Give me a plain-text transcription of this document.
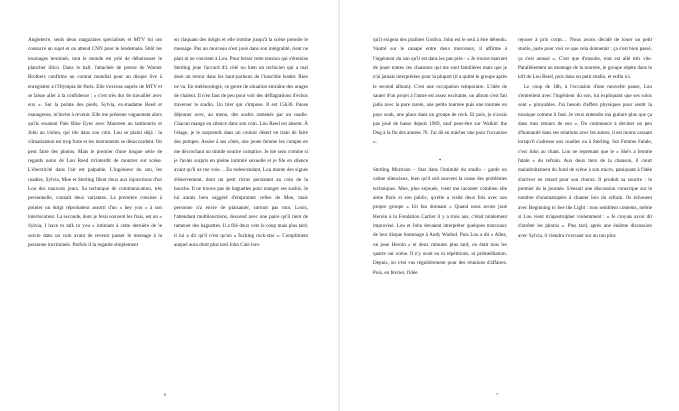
Angleterre, seuls deux magazines spécialisés et MTV lui ont consacré un sujet et on attend CNN pour le lendemain. Sitôt les tournages terminés, tout le monde est prié de débarrasser le plancher illico. Dans le hall, l'attachée de presse de Warner Brothers confirme un contrat mondial pour un disque live à enregistrer à l'Olympia de Paris. Elle s'excuse auprès de MTV et se laisse aller à la confidence : « c'est très dur de travailler avec eux ». Sur la pointe des pieds, Sylvia, ex-madame Reed et manageuse, m'invite à revenir. Elle me présente vaguement alors qu'ils essaient Pale Blue Eyes avec Maureen au tambourin et John au violon, qui tile dans son coin. Lou se plaint déjà : la climatisation est trop forte et les instruments se désaccordent. On peut faire des photos. Mais le premier d'une longue série de regards noirs de Lou Reed m'interdit de montrer sur scène. L'électricité dans l'air est palpable. L'ingénieur du son, les roadies, Sylvia, Moe et Sterling filent doux aux injonctions d'un Lou des mauvais jours. Sa technique de communication, très personnelle, connaît deux variantes. La première consiste à pointer un doigt réprobateur assorti d'un « hey you » à son interlocuteur. La seconde, dont je ferai souvent les frais, est un « Sylvia, I have to talk to you » intimant à cette dernière de le suivre dans un coin avant de revenir passer le message à la personne incriminée. Parfois il la regarde simplement

en claquant des doigts et elle trottine jusqu'à la scène prendre le message. Pas un morceau n'est joué dans son intégralité, rient ne plait ni ne convient à Lou. Pour briser cette tension qui s'éternise Sterling joue l'accord d'à côté ou bien un techicien qui a mal dosé un retour dans les haut-parleurs de l'irascible leader. Rien ne va. En météorologie, ce genre de situation entraîne des orages de chaleur. Il n'en faut de peu pour voir des déflagrations d'échos traverser le studio. Un tirer qui s'impose. Il est 15h30. Pause déjeuner avec, au menu, des sushis ramenés par un roadie. Chacun mange en silence dans son coin. Lou Reed est absent. À l'étage, je le surprends dans un couloir désert en train de faire des pompes. Assise à ses côtés, une jeune femme les compte en me décrochant un timide sourire complice. Je me sens comme si je l'avais surpris en pleine intimité sexuelle et je file en silence avant qu'il ne me voie… En redescendant, Lou monte des signes d'énervement, dont un petit rictus persistant au coin de la bouche. Il ne trouve pas de baguettes pour manger ses sushis. Je lui aurais bien suggéré d'emprunter celles de Moe, mais personne n'a envie de plaisanter, surtout pas moi. Louis, l'attendant multilonctions, descend avec une paire qu'il tient de ramener des baguettes. Il a filé deux vers le coup mais plus tard, il lui a dit qu'il n'est qu'un « fucking rock-star ». Compliment auquel aura droit plus tard John Cale lors-

6

qu'il exigera des pralines Godiva. John est le seul à être détendu. Vautré sur le canapé entre deux morceaux, il affirme à l'ingénieur du son qu'il est dans les pas près : « Je trouve marrant de jouer toutes ces chansons qui me sont familières mais que je n'ai jamais interprétées pour la plupart (il a quitté le groupe après le second album). C'est une occupation temporaire. L'idée de sauter d'un projet à l'autre est assez excitante, un album s'est fait jadis avec la pure rareté, une petite tournée puis une tournée en pays souk, une place dans un groupe de rock. Et puis, je n'avais pas joué de basse depuis 1969, sauf peut-être sur Walkin' the Dog à la fin des années 70. J'ai dû en mâcher une pour l'occasion ».

*

Sterling Morrison – Star dans l'intimité du studio – garde un calme silencieux, bien qu'il soit souvent la cause des problèmes techniques. Moe, plus enjouée, vient me raconter combien elle aime Paris et son public, qu'elle a visité deux fois avec son propre groupe « Un fan donnant « Quand nous avons joué Heroin à la Fondation Cartier il y a trois ans, c'était totalement improvisé. Lou et John devaient interpréter quelques morceaux de leur disque hommage à Andy Warhol. Puis Lou a dit « Allez, on joue Heroin » et deux minutes plus tard, on était tous les quatre sur scène. Il n'y avait eu ni répétitions, ni préméditation. Depuis, on s'est vus régulièrement pour des réunions d'affaires. Puis, en février, l'idée

rejouer à prix corps… Nous avons décidé de louer un petit studio, juste pour voir ce que cela donnerait : ça s'est bien passé, ça s'est amusé ». C'est que d'ensuite, tout est allé très vite. Parallèlement au montage de la tournée, le groupe répète dans le loft de Lou Reed, puis dans un petit studio, et enfin ici.

Le coup de 18h, à l'occasion d'une nouvelle pause, Lou s'entretient avec l'ingénieur du son, lui expliquant que ses solos sont « pitoyables. J'ai besoin d'effets physiques pour sentir la musique comme il faut. Je veux entendre ma guitare plus que ça dans mes retours de son ». On commence à deviner un peu d'humanité dans ses relations avec les autres, il est moins cassant lorsqu'il s'adresse aux roadies ou à Sterling. Sur Femme Fatale, c'est John au chant. Lou ne reprenant que le « She's a femme fatale » du refrain. Aux deux tiers de la chanson, il court maladroitement du fond de scène à son micro, paniquant à l'idée d'arriver en retard pour son chorus. Il produit sa sourire : le premier de la journée. S'ensuit une discussion conscrque sur le nombre d'onomatopées à chanter lors du refrain. Ils échouent avec Beginning to See the Light : tous semblent contents, même si Lou vient m'apostropher violemment : « Je croyais avoir dit d'arrêter les photos ». Plus tard, après une énième discussion avec Sylvia, il viendra s'excuser sur un ton plus

7
